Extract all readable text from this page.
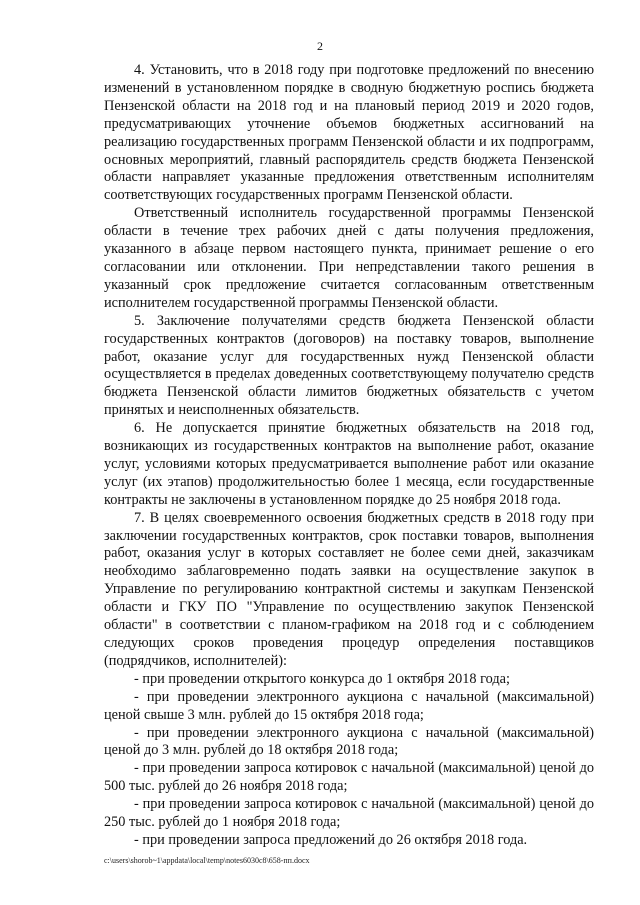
2

4. Установить, что в 2018 году при подготовке предложений по внесению изменений в установленном порядке в сводную бюджетную роспись бюджета Пензенской области на 2018 год и на плановый период 2019 и 2020 годов, предусматривающих уточнение объемов бюджетных ассигнований на реализацию государственных программ Пензенской области и их подпрограмм, основных мероприятий, главный распорядитель средств бюджета Пензенской области направляет указанные предложения ответственным исполнителям соответствующих государственных программ Пензенской области.

Ответственный исполнитель государственной программы Пензенской области в течение трех рабочих дней с даты получения предложения, указанного в абзаце первом настоящего пункта, принимает решение о его согласовании или отклонении. При непредставлении такого решения в указанный срок предложение считается согласованным ответственным исполнителем государственной программы Пензенской области.

5. Заключение получателями средств бюджета Пензенской области государственных контрактов (договоров) на поставку товаров, выполнение работ, оказание услуг для государственных нужд Пензенской области осуществляется в пределах доведенных соответствующему получателю средств бюджета Пензенской области лимитов бюджетных обязательств с учетом принятых и неисполненных обязательств.

6. Не допускается принятие бюджетных обязательств на 2018 год, возникающих из государственных контрактов на выполнение работ, оказание услуг, условиями которых предусматривается выполнение работ или оказание услуг (их этапов) продолжительностью более 1 месяца, если государственные контракты не заключены в установленном порядке до 25 ноября 2018 года.

7. В целях своевременного освоения бюджетных средств в 2018 году при заключении государственных контрактов, срок поставки товаров, выполнения работ, оказания услуг в которых составляет не более семи дней, заказчикам необходимо заблаговременно подать заявки на осуществление закупок в Управление по регулированию контрактной системы и закупкам Пензенской области и ГКУ ПО "Управление по осуществлению закупок Пензенской области" в соответствии с планом-графиком на 2018 год и с соблюдением следующих сроков проведения процедур определения поставщиков (подрядчиков, исполнителей):

- при проведении открытого конкурса до 1 октября 2018 года;

- при проведении электронного аукциона с начальной (максимальной) ценой свыше 3 млн. рублей до 15 октября 2018 года;

- при проведении электронного аукциона с начальной (максимальной) ценой до 3 млн. рублей до 18 октября 2018 года;

- при проведении запроса котировок с начальной (максимальной) ценой до 500 тыс. рублей до 26 ноября 2018 года;

- при проведении запроса котировок с начальной (максимальной) ценой до 250 тыс. рублей до 1 ноября 2018 года;

- при проведении запроса предложений до 26 октября 2018 года.

c:\users\shorob~1\appdata\local\temp\notes6030c8\658-пп.docx
